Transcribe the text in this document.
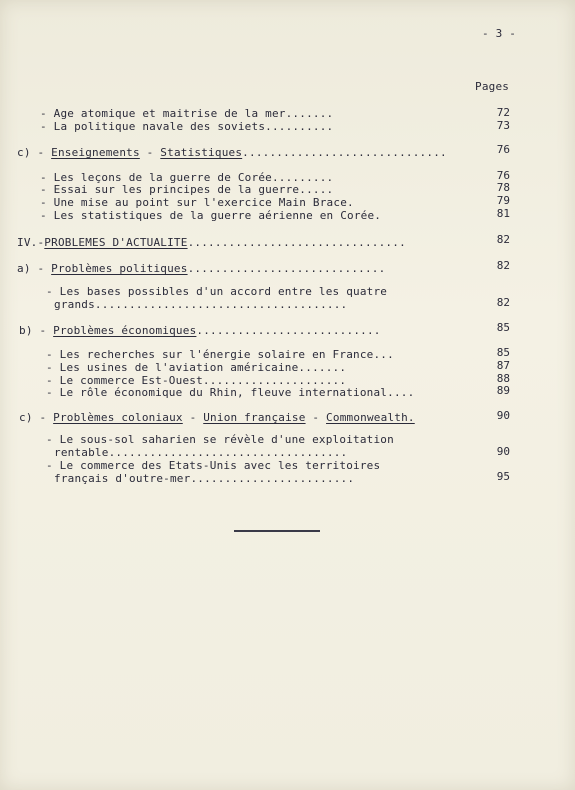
- 3 -
Pages
- Age atomique et maitrise de la mer.......	72
- La politique navale des soviets..........	73
c) - Enseignements - Statistiques..............................	76
- Les leçons de la guerre de Corée.........	76
- Essai sur les principes de la guerre.....	78
- Une mise au point sur l'exercice Main Brace.	79
- Les statistiques de la guerre aérienne en Corée.	81
IV.-PROBLEMES D'ACTUALITE................................	82
a) - Problèmes politiques.............................	82
- Les bases possibles d'un accord entre les quatre
grands.....................................	82
b) - Problèmes économiques...........................	85
- Les recherches sur l'énergie solaire en France...	85
- Les usines de l'aviation américaine.......	87
- Le commerce Est-Ouest.....................	88
- Le rôle économique du Rhin, fleuve international....	89
c) - Problèmes coloniaux - Union française - Commonwealth.	90
- Le sous-sol saharien se révèle d'une exploitation
rentable...................................	90
- Le commerce des Etats-Unis avec les territoires
français d'outre-mer........................	95
